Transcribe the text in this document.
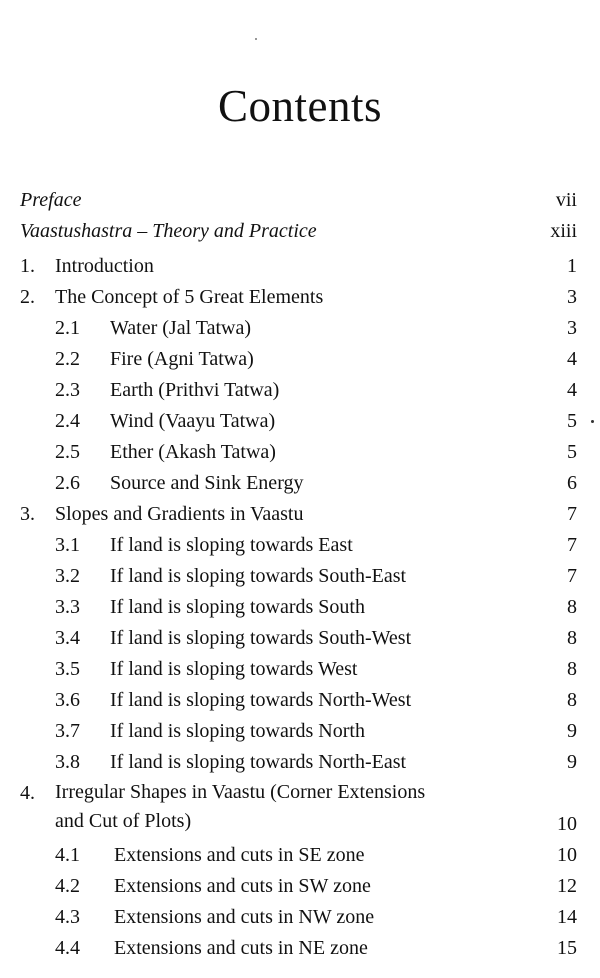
Contents
Preface	vii
Vaastushastra – Theory and Practice	xiii
1. Introduction	1
2. The Concept of 5 Great Elements	3
2.1 Water (Jal Tatwa)	3
2.2 Fire (Agni Tatwa)	4
2.3 Earth (Prithvi Tatwa)	4
2.4 Wind (Vaayu Tatwa)	5
2.5 Ether (Akash Tatwa)	5
2.6 Source and Sink Energy	6
3. Slopes and Gradients in Vaastu	7
3.1 If land is sloping towards East	7
3.2 If land is sloping towards South-East	7
3.3 If land is sloping towards South	8
3.4 If land is sloping towards South-West	8
3.5 If land is sloping towards West	8
3.6 If land is sloping towards North-West	8
3.7 If land is sloping towards North	9
3.8 If land is sloping towards North-East	9
4. Irregular Shapes in Vaastu (Corner Extensions
and Cut of Plots)	10
4.1 Extensions and cuts in SE zone	10
4.2 Extensions and cuts in SW zone	12
4.3 Extensions and cuts in NW zone	14
4.4 Extensions and cuts in NE zone	15
